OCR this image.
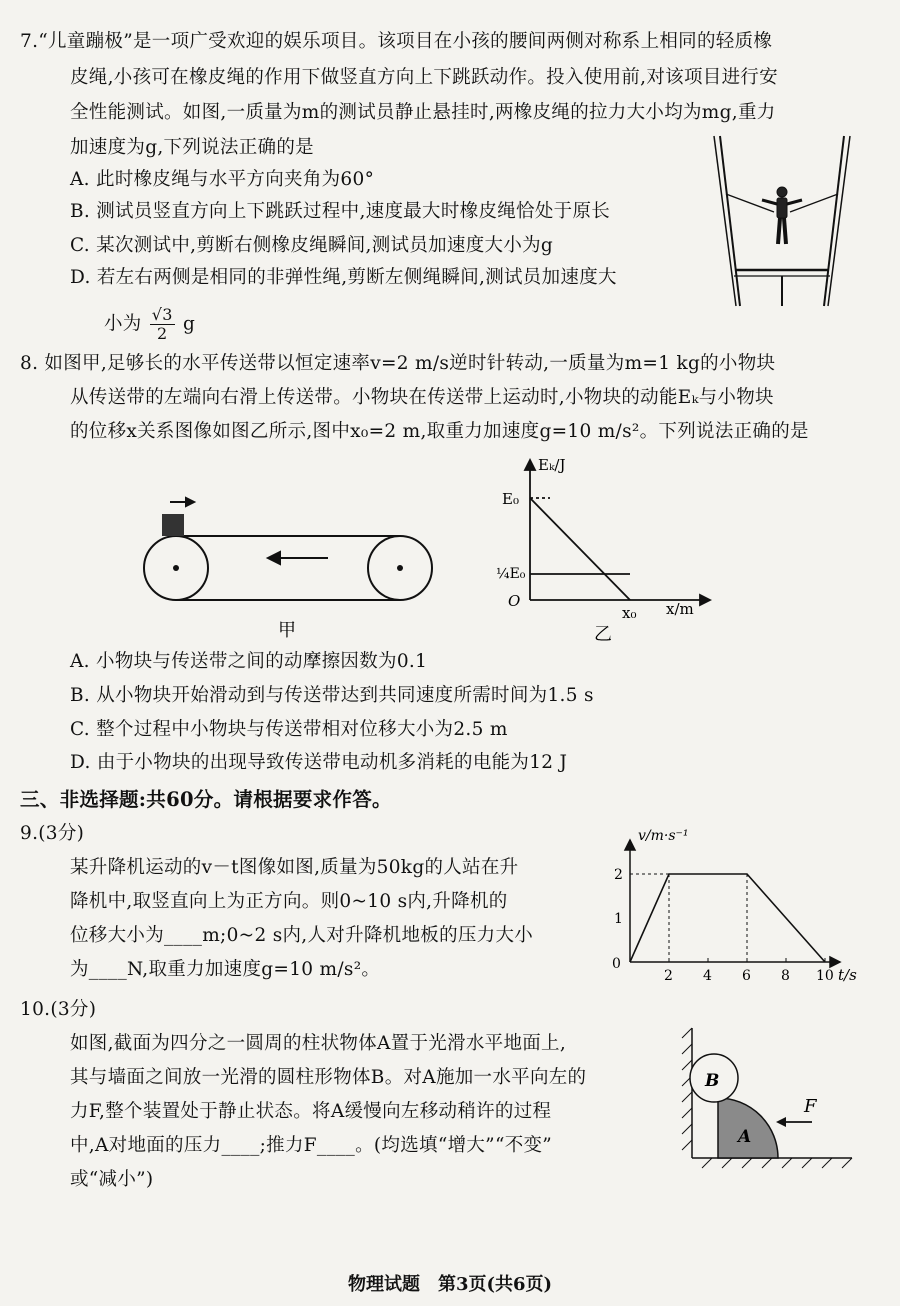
7.“儿童蹦极”是一项广受欢迎的娱乐项目。该项目在小孩的腰间两侧对称系上相同的轻质橡
皮绳,小孩可在橡皮绳的作用下做竖直方向上下跳跃动作。投入使用前,对该项目进行安
全性能测试。如图,一质量为m的测试员静止悬挂时,两橡皮绳的拉力大小均为mg,重力
加速度为g,下列说法正确的是
A. 此时橡皮绳与水平方向夹角为60°
B. 测试员竖直方向上下跳跃过程中,速度最大时橡皮绳恰处于原长
C. 某次测试中,剪断右侧橡皮绳瞬间,测试员加速度大小为g
D. 若左右两侧是相同的非弹性绳,剪断左侧绳瞬间,测试员加速度大
小为 $\frac{√3}{2}$ g
8. 如图甲,足够长的水平传送带以恒定速率v=2 m/s逆时针转动,一质量为m=1 kg的小物块
从传送带的左端向右滑上传送带。小物块在传送带上运动时,小物块的动能Eₖ与小物块
的位移x关系图像如图乙所示,图中x₀=2 m,取重力加速度g=10 m/s²。下列说法正确的是
甲
Eₖ/J
E₀
¼E₀
O
x₀ x/m
乙
A. 小物块与传送带之间的动摩擦因数为0.1
B. 从小物块开始滑动到与传送带达到共同速度所需时间为1.5 s
C. 整个过程中小物块与传送带相对位移大小为2.5 m
D. 由于小物块的出现导致传送带电动机多消耗的电能为12 J
三、非选择题:共60分。请根据要求作答。
9.(3分)
某升降机运动的v－t图像如图,质量为50kg的人站在升
降机中,取竖直向上为正方向。则0~10 s内,升降机的
位移大小为____m;0~2 s内,人对升降机地板的压力大小
为____N,取重力加速度g=10 m/s²。	0
2 4 6 8 10
1
2
v/m·s⁻¹
t/s
10.(3分)
如图,截面为四分之一圆周的柱状物体A置于光滑水平地面上,
其与墙面之间放一光滑的圆柱形物体B。对A施加一水平向左的
力F,整个装置处于静止状态。将A缓慢向左移动稍许的过程
中,A对地面的压力____;推力F____。(均选填“增大”“不变”
或“减小”)
A
B
F
物理试题　第3页(共6页)
